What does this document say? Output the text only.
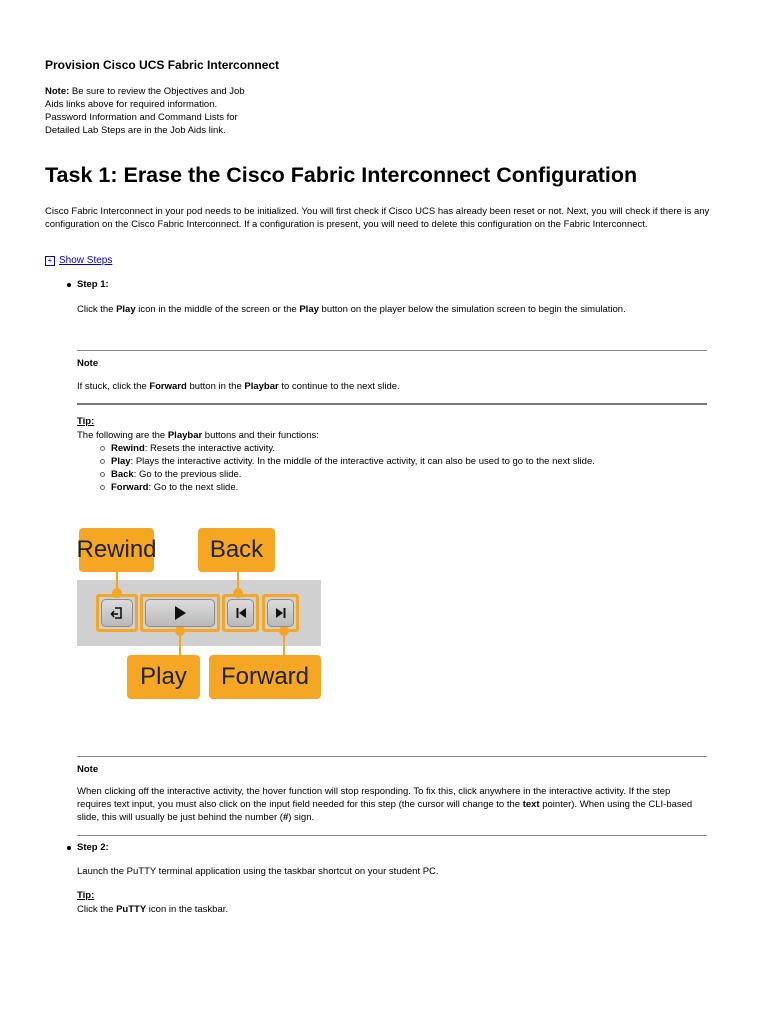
Provision Cisco UCS Fabric Interconnect
Note: Be sure to review the Objectives and Job Aids links above for required information. Password Information and Command Lists for Detailed Lab Steps are in the Job Aids link.
Task 1: Erase the Cisco Fabric Interconnect Configuration
Cisco Fabric Interconnect in your pod needs to be initialized. You will first check if Cisco UCS has already been reset or not. Next, you will check if there is any configuration on the Cisco Fabric Interconnect. If a configuration is present, you will need to delete this configuration on the Fabric Interconnect.
+ Show Steps
Step 1:
Click the Play icon in the middle of the screen or the Play button on the player below the simulation screen to begin the simulation.
Note
If stuck, click the Forward button in the Playbar to continue to the next slide.
Tip:
The following are the Playbar buttons and their functions:
Rewind : Resets the interactive activity.
Play : Plays the interactive activity. In the middle of the interactive activity, it can also be used to go to the next slide.
Back : Go to the previous slide.
Forward : Go to the next slide.
Rewind	Back
Play	Forward
Note
When clicking off the interactive activity, the hover function will stop responding. To fix this, click anywhere in the interactive activity. If the step requires text input, you must also click on the input field needed for this step (the cursor will change to the text pointer). When using the CLI-based slide, this will usually be just behind the number (#) sign.
Step 2:
Launch the PuTTY terminal application using the taskbar shortcut on your student PC.
Tip:
Click the PuTTY icon in the taskbar.
